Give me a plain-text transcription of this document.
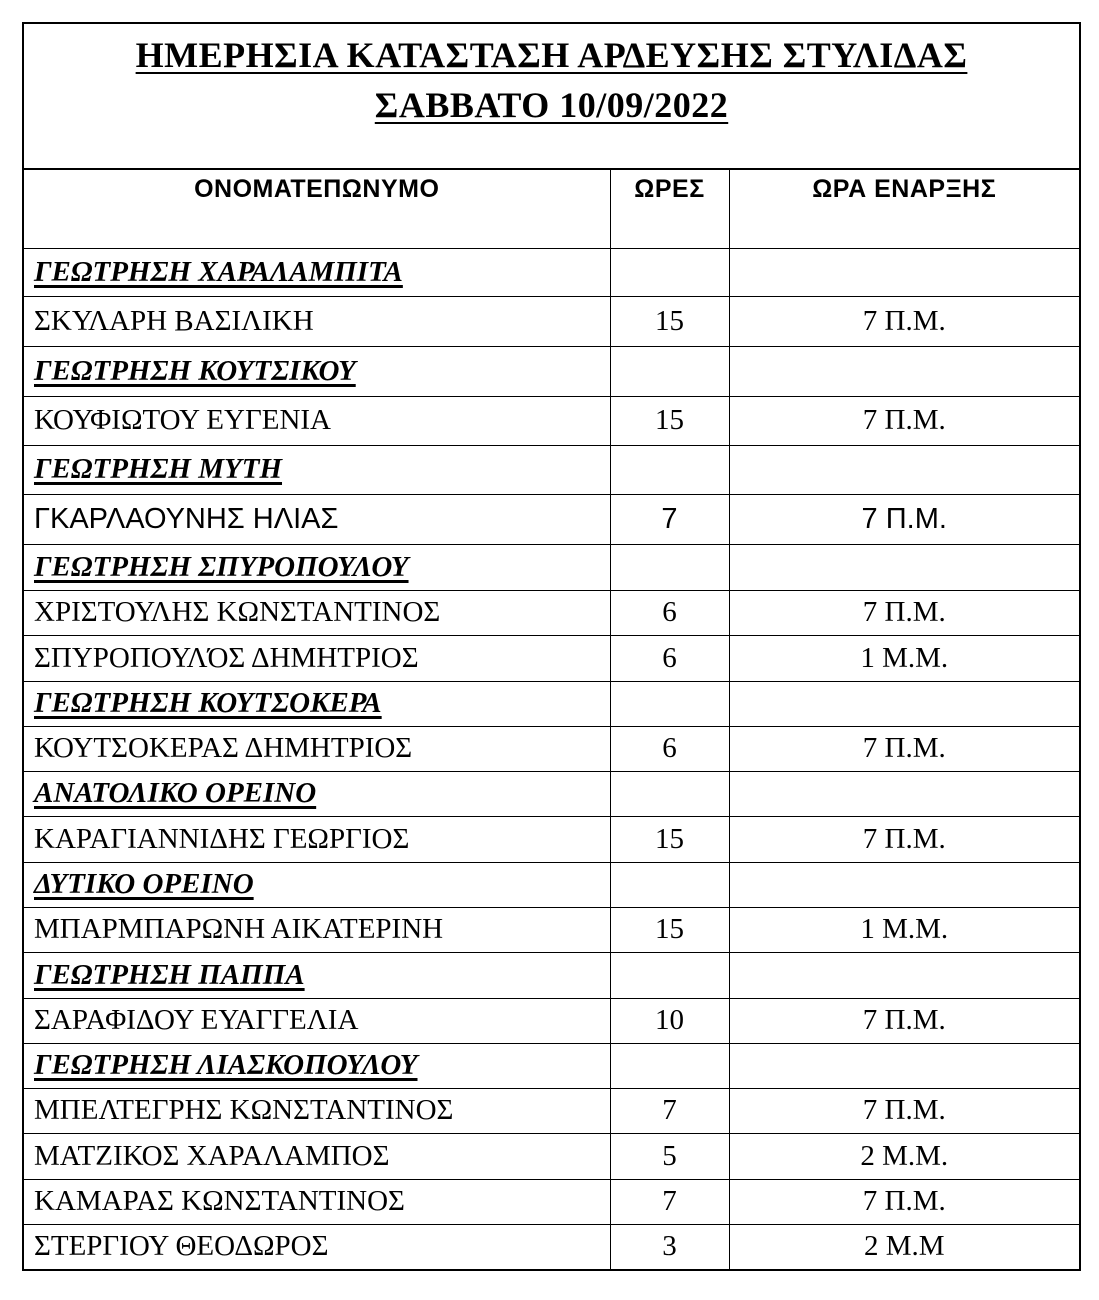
ΗΜΕΡΗΣΙΑ ΚΑΤΑΣΤΑΣΗ ΑΡΔΕΥΣΗΣ ΣΤΥΛΙΔΑΣ
ΣΑΒΒΑΤΟ 10/09/2022
ΟΝΟΜΑΤΕΠΩΝΥΜΟ	ΩΡΕΣ	ΩΡΑ ΕΝΑΡΞΗΣ
ΓΕΩΤΡΗΣΗ ΧΑΡΑΛΑΜΠΙΤΑ		
ΣΚΥΛΑΡΗ ΒΑΣΙΛΙΚΗ	15	7 Π.Μ.
ΓΕΩΤΡΗΣΗ ΚΟΥΤΣΙΚΟΥ		
ΚΟΥΦΙΩΤΟΥ ΕΥΓΕΝΙΑ	15	7 Π.Μ.
ΓΕΩΤΡΗΣΗ ΜΥΤΗ		
ΓΚΑΡΛΑΟΥΝΗΣ ΗΛΙΑΣ	7	7 Π.Μ.
ΓΕΩΤΡΗΣΗ ΣΠΥΡΟΠΟΥΛΟΥ		
ΧΡΙΣΤΟΥΛΗΣ ΚΩΝΣΤΑΝΤΙΝΟΣ	6	7 Π.Μ.
ΣΠΥΡΟΠΟΥΛΌΣ ΔΗΜΗΤΡΙΟΣ	6	1 Μ.Μ.
ΓΕΩΤΡΗΣΗ ΚΟΥΤΣΟΚΕΡΑ		
ΚΟΥΤΣΟΚΕΡΑΣ ΔΗΜΗΤΡΙΟΣ	6	7 Π.Μ.
ΑΝΑΤΟΛΙΚΟ ΟΡΕΙΝΟ		
ΚΑΡΑΓΙΑΝΝΙΔΗΣ ΓΕΩΡΓΙΟΣ	15	7 Π.Μ.
ΔΥΤΙΚΟ ΟΡΕΙΝΟ		
ΜΠΑΡΜΠΑΡΩΝΗ ΑΙΚΑΤΕΡΙΝΗ	15	1 Μ.Μ.
ΓΕΩΤΡΗΣΗ ΠΑΠΠΑ		
ΣΑΡΑΦΙΔΟΥ ΕΥΑΓΓΕΛΙΑ	10	7 Π.Μ.
ΓΕΩΤΡΗΣΗ ΛΙΑΣΚΟΠΟΥΛΟΥ		
ΜΠΕΛΤΕΓΡΗΣ ΚΩΝΣΤΑΝΤΙΝΟΣ	7	7 Π.Μ.
ΜΑΤΖΙΚΟΣ ΧΑΡΑΛΑΜΠΟΣ	5	2 Μ.Μ.
ΚΑΜΑΡΑΣ ΚΩΝΣΤΑΝΤΙΝΟΣ	7	7 Π.Μ.
ΣΤΕΡΓΙΟΥ ΘΕΟΔΩΡΟΣ	3	2 Μ.Μ
